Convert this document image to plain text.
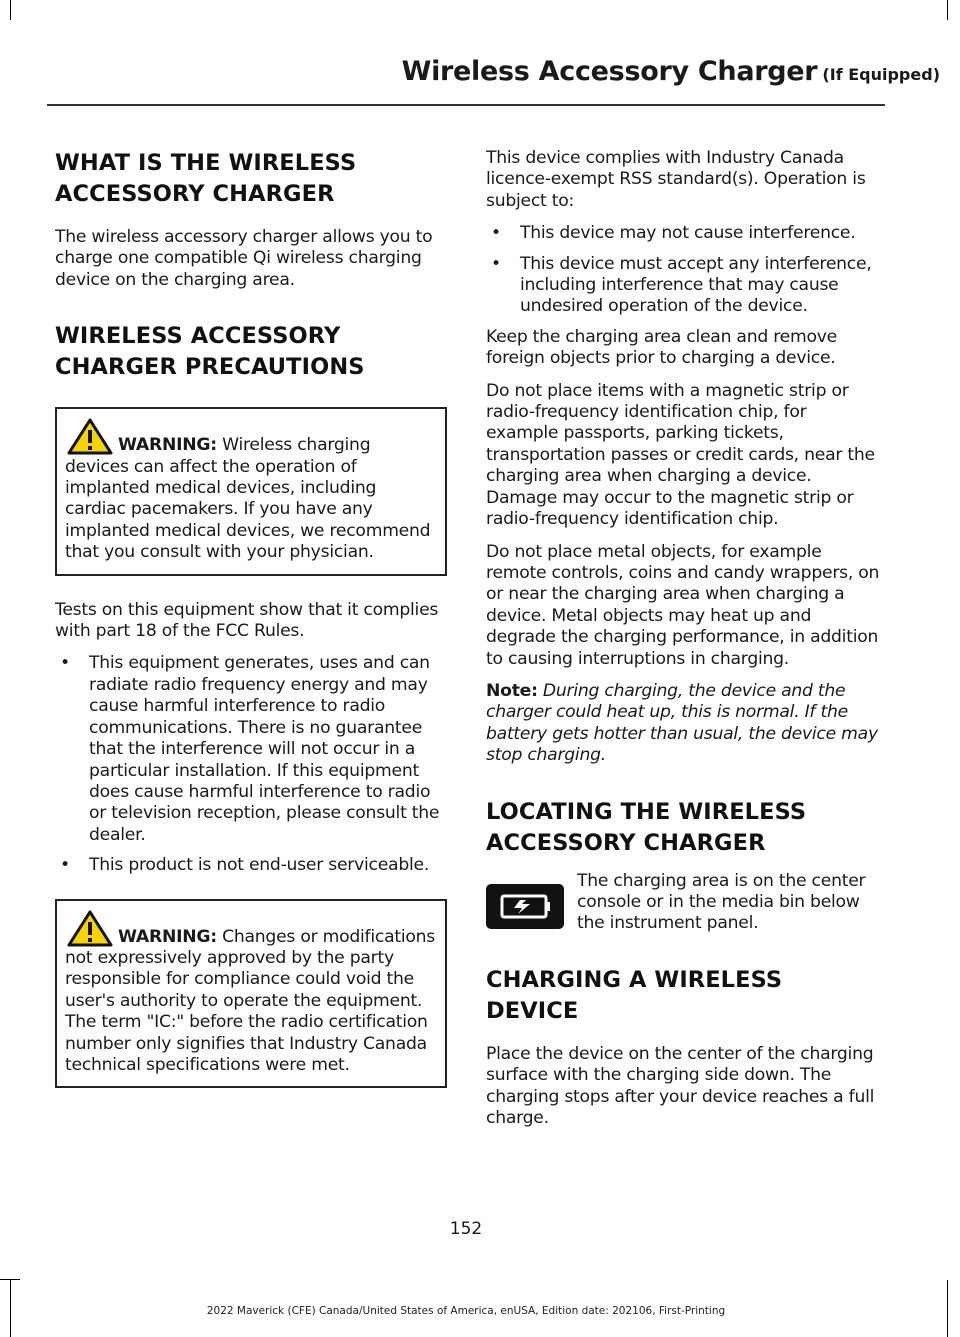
Wireless Accessory Charger (If Equipped)
WHAT IS THE WIRELESS
ACCESSORY CHARGER

The wireless accessory charger allows you to charge one compatible Qi wireless charging device on the charging area.

WIRELESS ACCESSORY
CHARGER PRECAUTIONS
WARNING: Wireless charging devices can affect the operation of implanted medical devices, including cardiac pacemakers. If you have any implanted medical devices, we recommend that you consult with your physician.

Tests on this equipment show that it complies with part 18 of the FCC Rules.

• This equipment generates, uses and can radiate radio frequency energy and may cause harmful interference to radio communications. There is no guarantee that the interference will not occur in a particular installation. If this equipment does cause harmful interference to radio or television reception, please consult the dealer.
• This product is not end-user serviceable.
WARNING: Changes or modifications not expressively approved by the party responsible for compliance could void the user's authority to operate the equipment. The term "IC:" before the radio certification number only signifies that Industry Canada technical specifications were met.

This device complies with Industry Canada licence-exempt RSS standard(s). Operation is subject to:

• This device may not cause interference.
• This device must accept any interference, including interference that may cause undesired operation of the device.

Keep the charging area clean and remove foreign objects prior to charging a device.

Do not place items with a magnetic strip or radio-frequency identification chip, for example passports, parking tickets, transportation passes or credit cards, near the charging area when charging a device. Damage may occur to the magnetic strip or radio-frequency identification chip.

Do not place metal objects, for example remote controls, coins and candy wrappers, on or near the charging area when charging a device. Metal objects may heat up and degrade the charging performance, in addition to causing interruptions in charging.

Note: During charging, the device and the charger could heat up, this is normal. If the battery gets hotter than usual, the device may stop charging.

LOCATING THE WIRELESS
ACCESSORY CHARGER

The charging area is on the center console or in the media bin below the instrument panel.

CHARGING A WIRELESS
DEVICE

Place the device on the center of the charging surface with the charging side down. The charging stops after your device reaches a full charge.

152
2022 Maverick (CFE) Canada/United States of America, enUSA, Edition date: 202106, First-Printing
